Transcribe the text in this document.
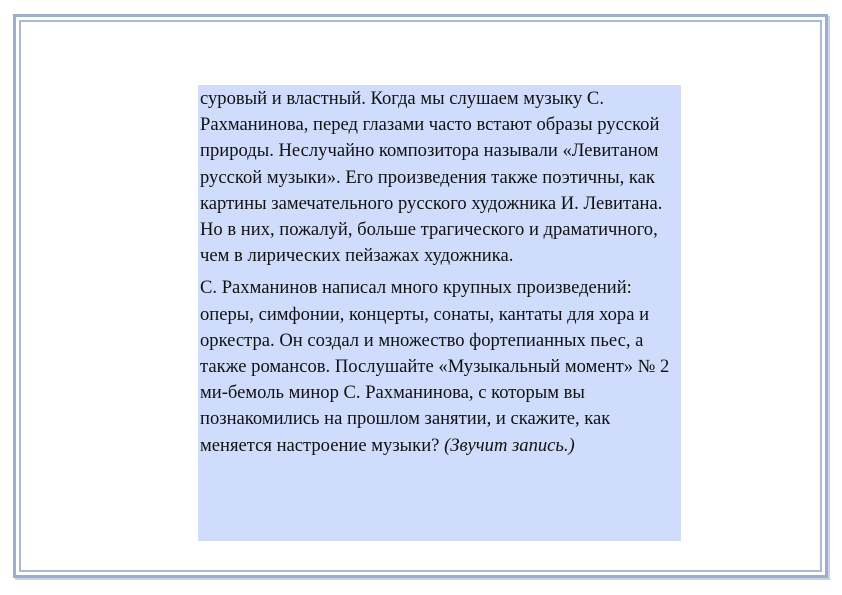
суровый и властный. Когда мы слушаем музыку С. Рахманинова, перед глазами часто встают образы русской природы. Неслучайно композитора называли «Левитаном русской музыки». Его произведения также поэтичны, как картины замечательного русского художника И. Левитана. Но в них, пожалуй, больше трагического и драматичного, чем в лирических пейзажах художника.

С. Рахманинов написал много крупных произведений: оперы, симфонии, концерты, сонаты, кантаты для хора и оркестра. Он создал и множество фортепианных пьес, а также романсов. Послушайте «Музыкальный момент» № 2 ми-бемоль минор С. Рахманинова, с которым вы познакомились на прошлом занятии, и скажите, как меняется настроение музыки? (Звучит запись.)
